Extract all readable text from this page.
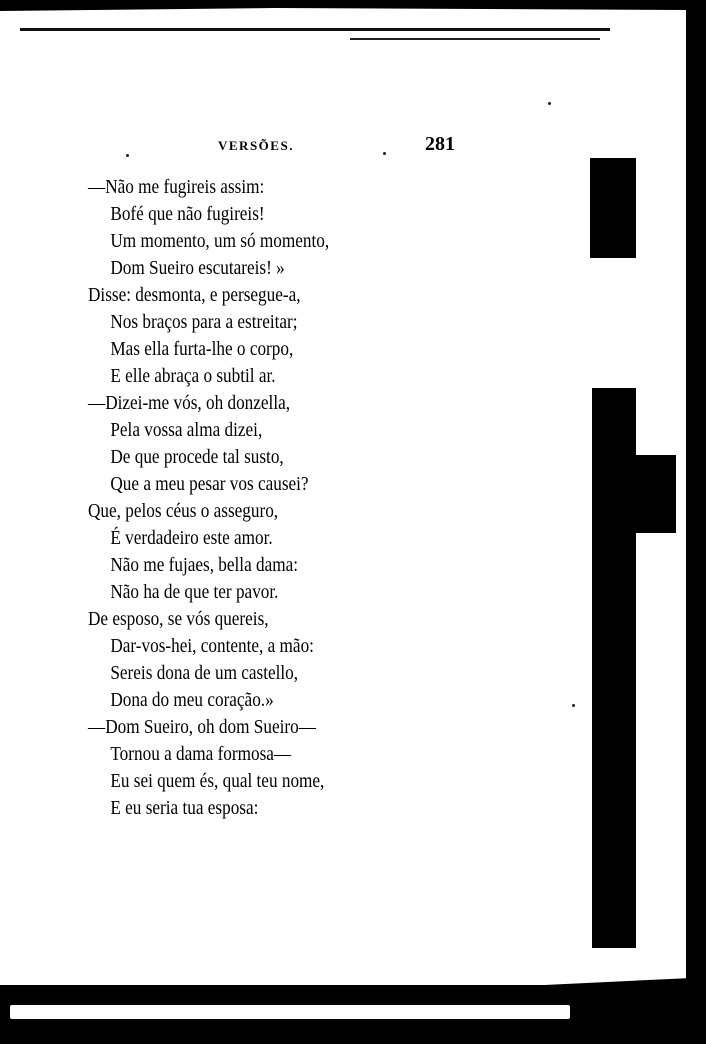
VERSÕES.	281
—Não me fugireis assim:
Bofé que não fugireis!
Um momento, um só momento,
Dom Sueiro escutareis! »
Disse: desmonta, e persegue-a,
Nos braços para a estreitar;
Mas ella furta-lhe o corpo,
E elle abraça o subtil ar.
—Dizei-me vós, oh donzella,
Pela vossa alma dizei,
De que procede tal susto,
Que a meu pesar vos causei?
Que, pelos céus o asseguro,
É verdadeiro este amor.
Não me fujaes, bella dama:
Não ha de que ter pavor.
De esposo, se vós quereis,
Dar-vos-hei, contente, a mão:
Sereis dona de um castello,
Dona do meu coração.»
—Dom Sueiro, oh dom Sueiro—
Tornou a dama formosa—
Eu sei quem és, qual teu nome,
E eu seria tua esposa:
